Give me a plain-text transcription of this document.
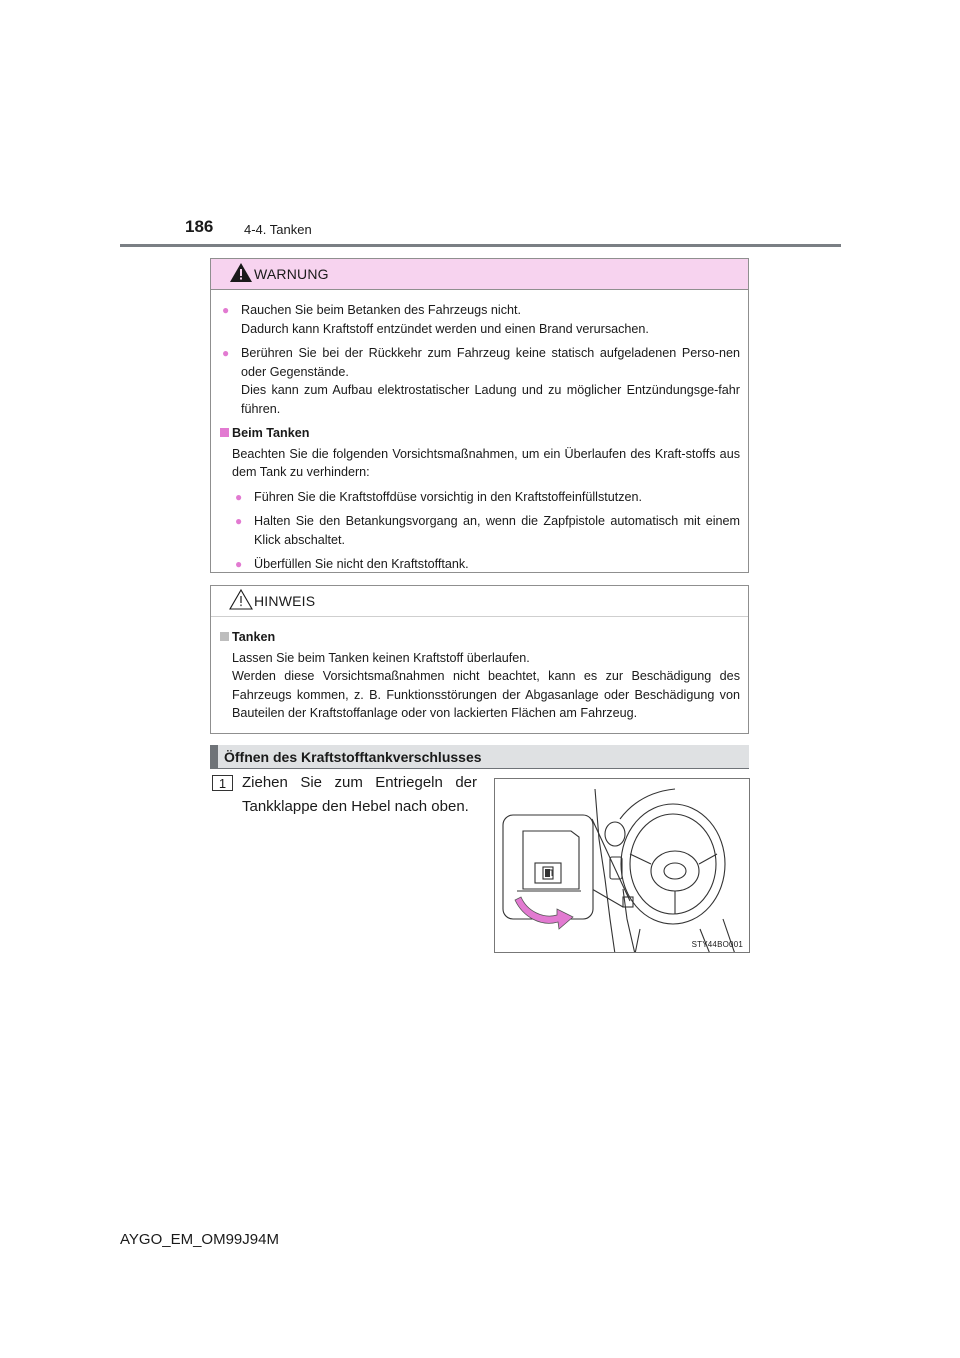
186 4-4. Tanken
WARNUNG
● Rauchen Sie beim Betanken des Fahrzeugs nicht.
Dadurch kann Kraftstoff entzündet werden und einen Brand verursachen.
● Berühren Sie bei der Rückkehr zum Fahrzeug keine statisch aufgeladenen Perso-nen oder Gegenstände.
Dies kann zum Aufbau elektrostatischer Ladung und zu möglicher Entzündungsge-fahr führen.
Beim Tanken
Beachten Sie die folgenden Vorsichtsmaßnahmen, um ein Überlaufen des Kraft-stoffs aus dem Tank zu verhindern:
● Führen Sie die Kraftstoffdüse vorsichtig in den Kraftstoffeinfüllstutzen.
● Halten Sie den Betankungsvorgang an, wenn die Zapfpistole automatisch mit einem Klick abschaltet.
● Überfüllen Sie nicht den Kraftstofftank.
HINWEIS
Tanken
Lassen Sie beim Tanken keinen Kraftstoff überlaufen.
Werden diese Vorsichtsmaßnahmen nicht beachtet, kann es zur Beschädigung des Fahrzeugs kommen, z. B. Funktionsstörungen der Abgasanlage oder Beschädigung von Bauteilen der Kraftstoffanlage oder von lackierten Flächen am Fahrzeug.
Öffnen des Kraftstofftankverschlusses
1	Ziehen Sie zum Entriegeln der Tankklappe den Hebel nach oben.
STY44BO001
AYGO_EM_OM99J94M
